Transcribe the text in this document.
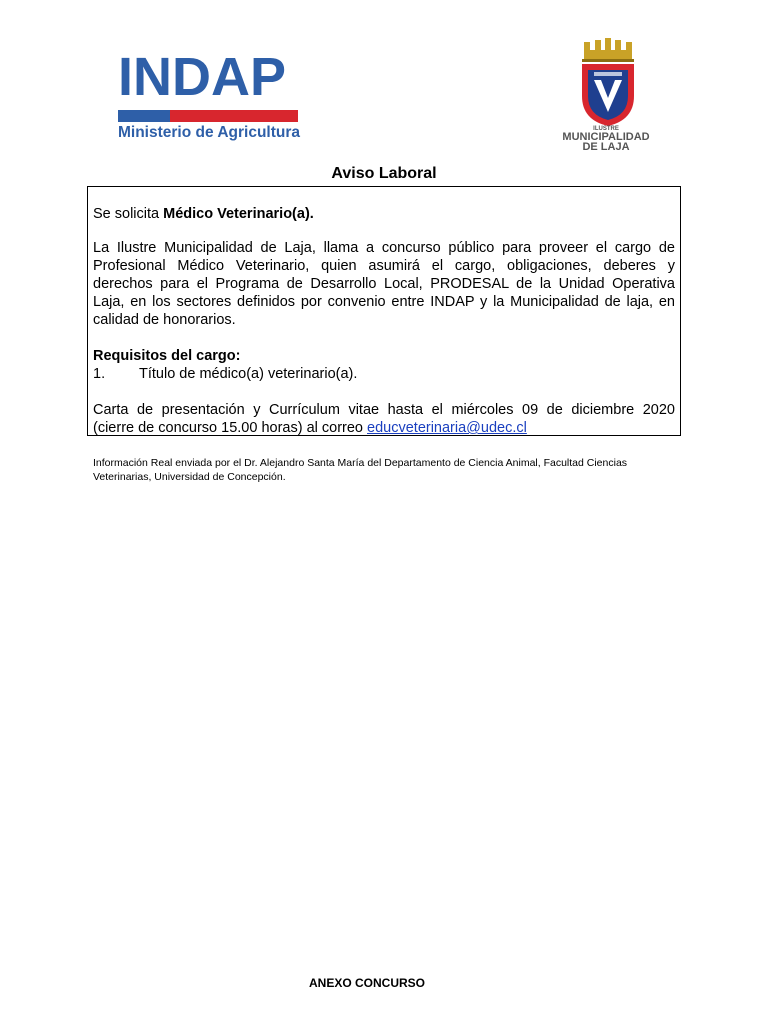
INDAP
Ministerio de Agricultura	ILUSTRE
MUNICIPALIDAD
DE LAJA
Aviso Laboral
Se solicita Médico Veterinario(a).
La Ilustre Municipalidad de Laja, llama a concurso público para proveer el cargo de
Profesional Médico Veterinario, quien asumirá el cargo, obligaciones, deberes y
derechos para el Programa de Desarrollo Local, PRODESAL de la Unidad Operativa
Laja, en los sectores definidos por convenio entre INDAP y la Municipalidad de laja, en
calidad de honorarios.
Requisitos del cargo:
1. Título de médico(a) veterinario(a).
Carta de presentación y Currículum vitae hasta el miércoles 09 de diciembre 2020
(cierre de concurso 15.00 horas) al correo educveterinaria@udec.cl
Información Real enviada por el Dr. Alejandro Santa María del Departamento de Ciencia Animal, Facultad Ciencias
Veterinarias, Universidad de Concepción.
ANEXO CONCURSO
